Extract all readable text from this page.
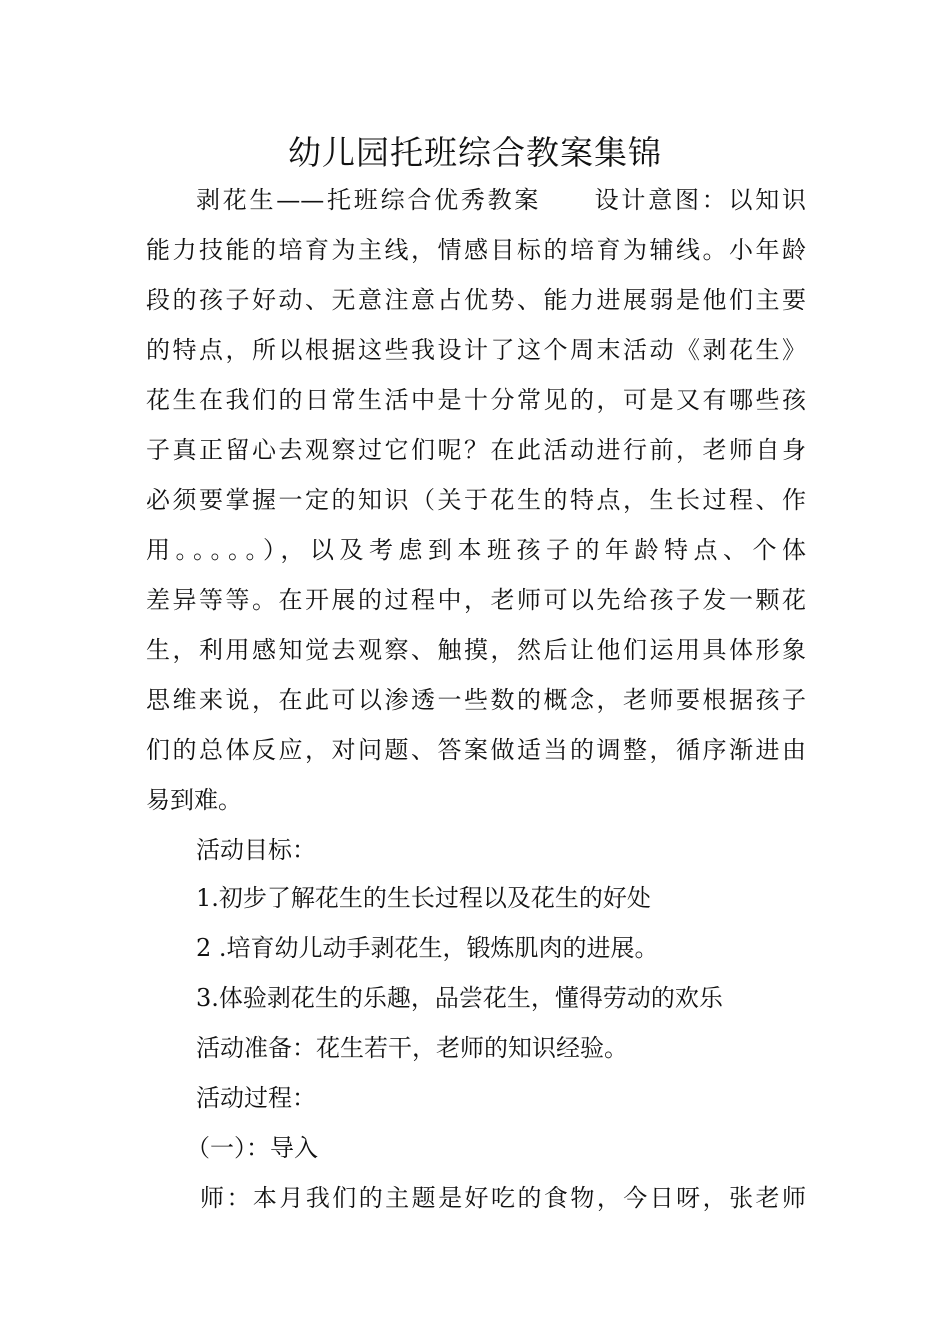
幼儿园托班综合教案集锦
剥花生——托班综合优秀教案　　设计意图：以知识
能力技能的培育为主线，情感目标的培育为辅线。小年龄
段的孩子好动、无意注意占优势、能力进展弱是他们主要
的特点，所以根据这些我设计了这个周末活动《剥花生》
花生在我们的日常生活中是十分常见的，可是又有哪些孩
子真正留心去观察过它们呢？在此活动进行前，老师自身
必须要掌握一定的知识（关于花生的特点，生长过程、作
用。。。。。），以及考虑到本班孩子的年龄特点、个体
差异等等。在开展的过程中，老师可以先给孩子发一颗花
生，利用感知觉去观察、触摸，然后让他们运用具体形象
思维来说，在此可以渗透一些数的概念，老师要根据孩子
们的总体反应，对问题、答案做适当的调整，循序渐进由
易到难。
活动目标：
1.初步了解花生的生长过程以及花生的好处
2 .培育幼儿动手剥花生，锻炼肌肉的进展。
3.体验剥花生的乐趣，品尝花生，懂得劳动的欢乐
活动准备：花生若干，老师的知识经验。
活动过程：
（一）：导入
师：本月我们的主题是好吃的食物，今日呀，张老师
